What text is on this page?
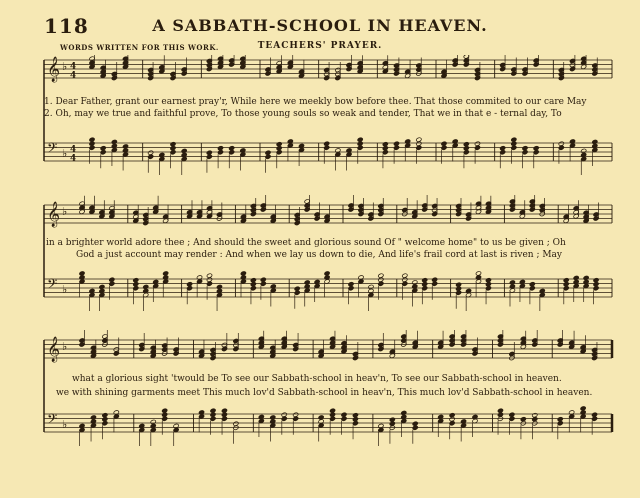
118	A SABBATH-SCHOOL IN HEAVEN.
WORDS WRITTEN FOR THIS WORK.	TEACHERS' PRAYER.
𝄞 ♭ 4
4
𝄢 ♭ 4
4
1. Dear Father, grant our earnest pray'r, While here we meekly bow before thee. That those commited to our care May
2. Oh, may we true and faithful prove, To those young souls so weak and tender, That we in that e - ternal day, To
𝄞 ♭
𝄢 ♭
in a brighter world adore thee ; And should the sweet and glorious sound Of " welcome home" to us be given ; Oh
God a just account may render : And when we lay us down to die, And life's frail cord at last is riven ; May
𝄞 ♭
𝄢 ♭
what a glorious sight 'twould be To see our Sabbath-school in heav'n, To see our Sabbath-school in heaven.
we with shining garments meet This much lov'd Sabbath-school in heav'n, This much lov'd Sabbath-school in heaven.
